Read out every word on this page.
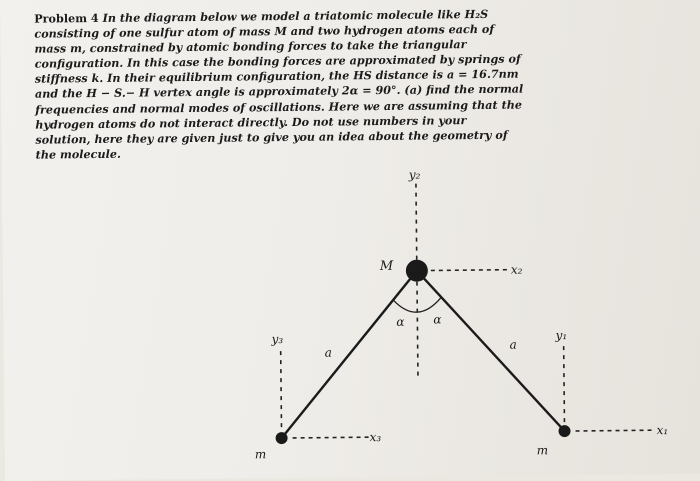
Problem 4 In the diagram below we model a triatomic molecule like H₂S consisting of one sulfur atom of mass M and two hydrogen atoms each of mass m, constrained by atomic bonding forces to take the triangular configuration. In this case the bonding forces are approximated by springs of stiffness k. In their equilibrium configuration, the HS distance is a = 16.7nm and the H − S.− H vertex angle is approximately 2α = 90°. (a) find the normal frequencies and normal modes of oscillations. Here we are assuming that the hydrogen atoms do not interact directly. Do not use numbers in your solution, here they are given just to give you an idea about the geometry of the molecule.
y₂
M	x₂
α α
a
a
y₃	y₁
x₃	x₁
m	m
